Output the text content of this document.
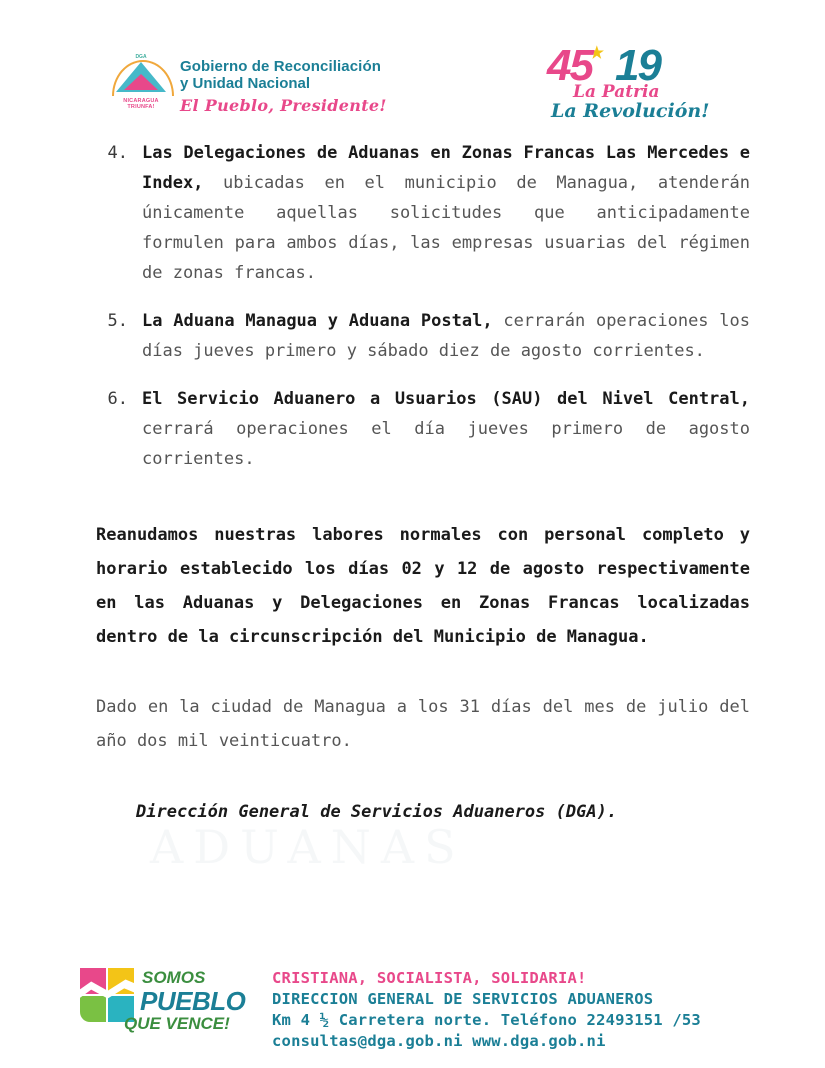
DGA
NICARAGUA TRIUNFA!
Gobierno de Reconciliación
y Unidad Nacional
El Pueblo, Presidente!
★
45 19
La Patria
La Revolución!
4. Las Delegaciones de Aduanas en Zonas Francas Las Mercedes e Index, ubicadas en el municipio de Managua, atenderán únicamente aquellas solicitudes que anticipadamente formulen para ambos días, las empresas usuarias del régimen de zonas francas.
5. La Aduana Managua y Aduana Postal, cerrarán operaciones los días jueves primero y sábado diez de agosto corrientes.
6. El Servicio Aduanero a Usuarios (SAU) del Nivel Central, cerrará operaciones el día jueves primero de agosto corrientes.
Reanudamos nuestras labores normales con personal completo y horario establecido los días 02 y 12 de agosto respectivamente en las Aduanas y Delegaciones en Zonas Francas localizadas dentro de la circunscripción del Municipio de Managua.
Dado en la ciudad de Managua a los 31 días del mes de julio del año dos mil veinticuatro.
Dirección General de Servicios Aduaneros (DGA).
ADUANAS
SOMOS
PUEBLO
QUE VENCE!
CRISTIANA, SOCIALISTA, SOLIDARIA!
DIRECCION GENERAL DE SERVICIOS ADUANEROS
Km 4 ½ Carretera norte. Teléfono 22493151 /53
consultas@dga.gob.ni www.dga.gob.ni
